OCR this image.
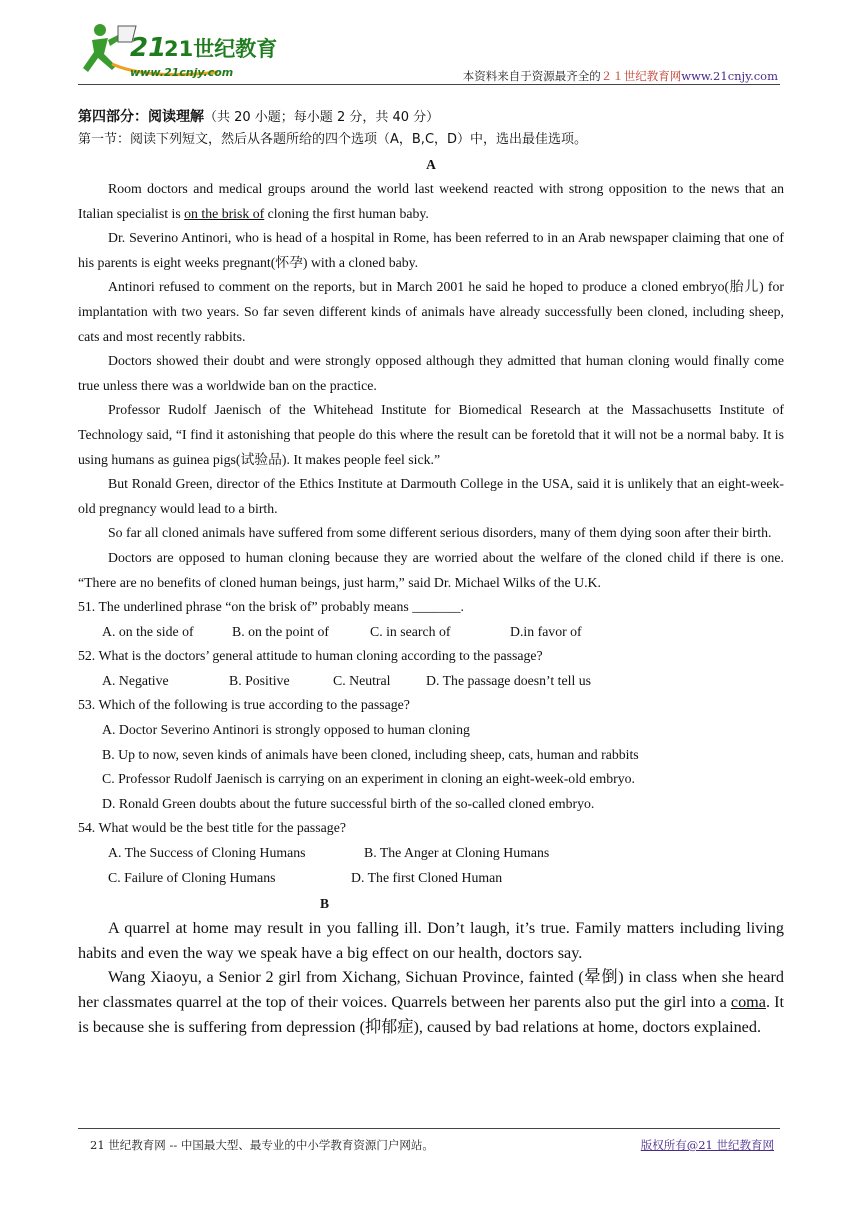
21
21世纪教育
www.21cnjy.com	本资料来自于资源最齐全的２１世纪教育网www.21cnjy.com
第四部分：阅读理解（共 20 小题；每小题 2 分，共 40 分）
第一节：阅读下列短文，然后从各题所给的四个选项（A，B,C，D）中，选出最佳选项。
A

Room doctors and medical groups around the world last weekend reacted with strong opposition to the news that an Italian specialist is on the brisk of cloning the first human baby.

Dr. Severino Antinori, who is head of a hospital in Rome, has been referred to in an Arab newspaper claiming that one of his parents is eight weeks pregnant(怀孕) with a cloned baby.

Antinori refused to comment on the reports, but in March 2001 he said he hoped to produce a cloned embryo(胎儿) for implantation with two years. So far seven different kinds of animals have already successfully been cloned, including sheep, cats and most recently rabbits.

Doctors showed their doubt and were strongly opposed although they admitted that human cloning would finally come true unless there was a worldwide ban on the practice.

Professor Rudolf Jaenisch of the Whitehead Institute for Biomedical Research at the Massachusetts Institute of Technology said, “I find it astonishing that people do this where the result can be foretold that it will not be a normal baby. It is using humans as guinea pigs(试验品). It makes people feel sick.”

But Ronald Green, director of the Ethics Institute at Darmouth College in the USA, said it is unlikely that an eight-week-old pregnancy would lead to a birth.

So far all cloned animals have suffered from some different serious disorders, many of them dying soon after their birth.

Doctors are opposed to human cloning because they are worried about the welfare of the cloned child if there is one. “There are no benefits of cloned human beings, just harm,” said Dr. Michael Wilks of the U.K.

51. The underlined phrase “on the brisk of” probably means _______.

A. on the side of	B. on the point of	C. in search of	D.in favor of

52. What is the doctors’ general attitude to human cloning according to the passage?

A. Negative	B. Positive	C. Neutral	D. The passage doesn’t tell us

53. Which of the following is true according to the passage?

A. Doctor Severino Antinori is strongly opposed to human cloning
B. Up to now, seven kinds of animals have been cloned, including sheep, cats, human and rabbits
C. Professor Rudolf Jaenisch is carrying on an experiment in cloning an eight-week-old embryo.
D. Ronald Green doubts about the future successful birth of the so-called cloned embryo.

54. What would be the best title for the passage?

A. The Success of Cloning Humans	B. The Anger at Cloning Humans
C. Failure of Cloning Humans	D. The first Cloned Human
B

A quarrel at home may result in you falling ill. Don’t laugh, it’s true. Family matters including living habits and even the way we speak have a big effect on our health, doctors say.

Wang Xiaoyu, a Senior 2 girl from Xichang, Sichuan Province, fainted (晕倒) in class when she heard her classmates quarrel at the top of their voices. Quarrels between her parents also put the girl into a coma. It is because she is suffering from depression (抑郁症), caused by bad relations at home, doctors explained.

21 世纪教育网 -- 中国最大型、最专业的中小学教育资源门户网站。	版权所有@21 世纪教育网
